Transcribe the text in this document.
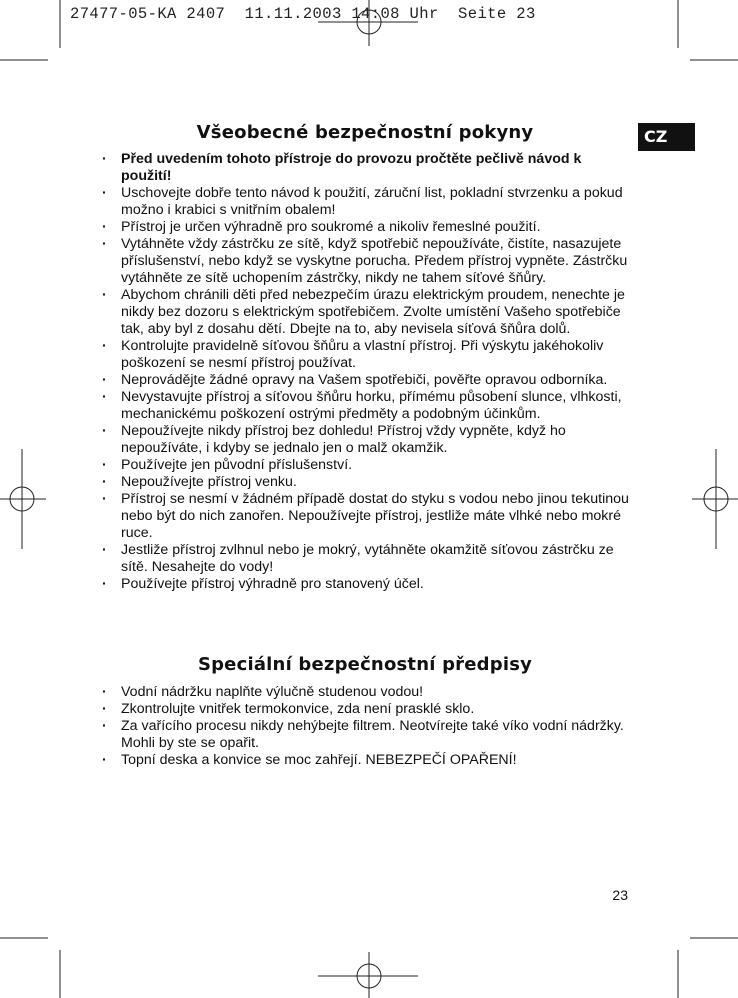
27477-05-KA 2407  11.11.2003 14:08 Uhr  Seite 23
CZ
Všeobecné bezpečnostní pokyny
· Před uvedením tohoto přístroje do provozu pročtěte pečlivě návod k použití!
· Uschovejte dobře tento návod k použití, záruční list, pokladní stvrzenku a pokud možno i krabici s vnitřním obalem!
· Přístroj je určen výhradně pro soukromé a nikoliv řemeslné použití.
· Vytáhněte vždy zástrčku ze sítě, když spotřebič nepoužíváte, čistíte, nasazujete příslušenství, nebo když se vyskytne porucha. Předem přístroj vypněte. Zástrčku vytáhněte ze sítě uchopením zástrčky, nikdy ne tahem síťové šňůry.
· Abychom chránili děti před nebezpečím úrazu elektrickým proudem, nenechte je nikdy bez dozoru s elektrickým spotřebičem. Zvolte umístění Vašeho spotřebiče tak, aby byl z dosahu dětí. Dbejte na to, aby nevisela síťová šňůra dolů.
· Kontrolujte pravidelně síťovou šňůru a vlastní přístroj. Při výskytu jakéhokoliv poškození se nesmí přístroj používat.
· Neprovádějte žádné opravy na Vašem spotřebiči, pověřte opravou odborníka.
· Nevystavujte přístroj a síťovou šňůru horku, přímému působení slunce, vlhkosti, mechanickému poškození ostrými předměty a podobným účinkům.
· Nepoužívejte nikdy přístroj bez dohledu! Přístroj vždy vypněte, když ho nepoužíváte, i kdyby se jednalo jen o malž okamžik.
· Používejte jen původní příslušenství.
· Nepoužívejte přístroj venku.
· Přístroj se nesmí v žádném případě dostat do styku s vodou nebo jinou tekutinou nebo být do nich zanořen. Nepoužívejte přístroj, jestliže máte vlhké nebo mokré ruce.
· Jestliže přístroj zvlhnul nebo je mokrý, vytáhněte okamžitě síťovou zástrčku ze sítě. Nesahejte do vody!
· Používejte přístroj výhradně pro stanovený účel.
Speciální bezpečnostní předpisy
· Vodní nádržku naplňte výlučně studenou vodou!
· Zkontrolujte vnitřek termokonvice, zda není prasklé sklo.
· Za vařícího procesu nikdy nehýbejte filtrem. Neotvírejte také víko vodní nádržky. Mohli by ste se opařit.
· Topní deska a konvice se moc zahřejí. NEBEZPEČÍ OPAŘENÍ!
23
